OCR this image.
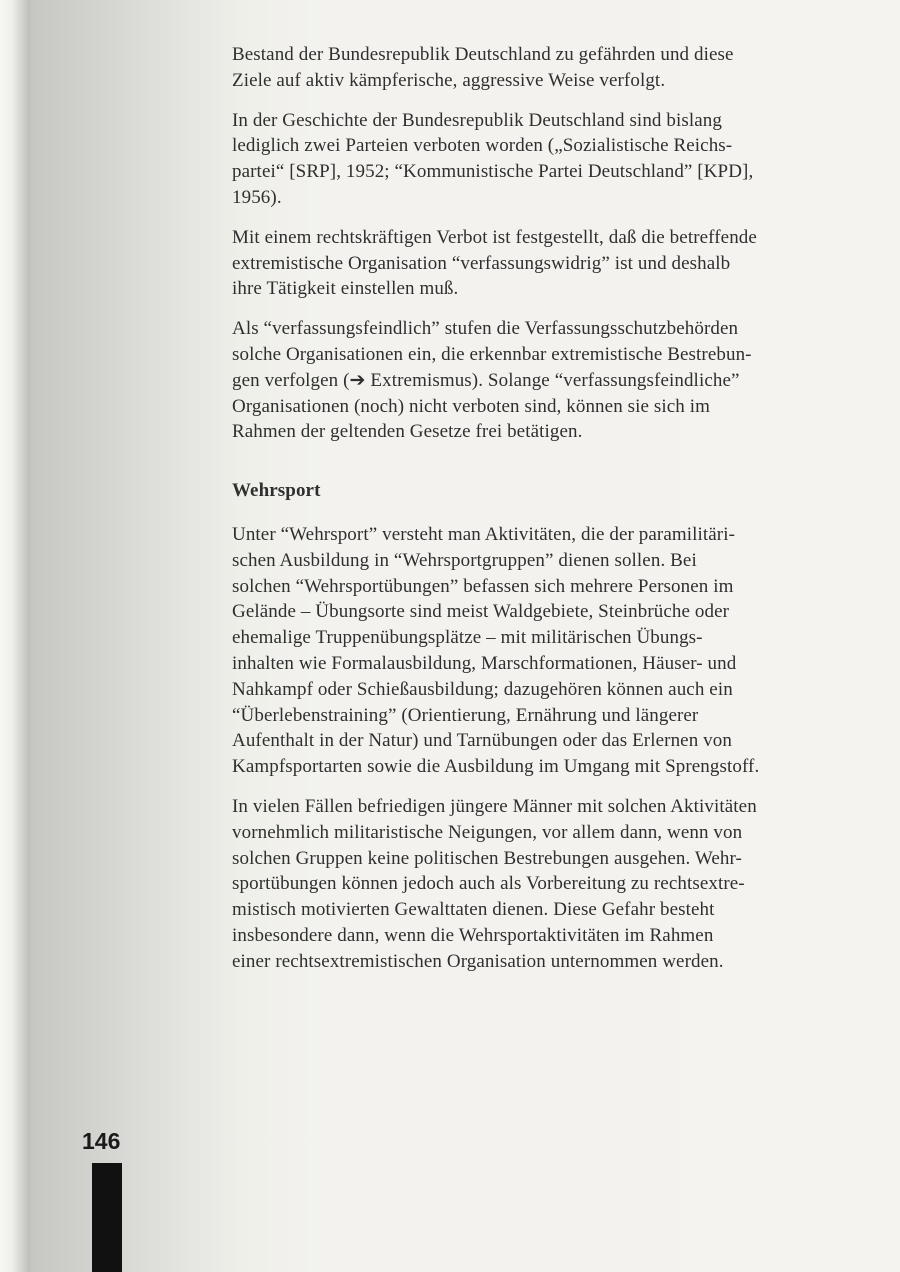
Bestand der Bundesrepublik Deutschland zu gefährden und diese
Ziele auf aktiv kämpferische, aggressive Weise verfolgt.

In der Geschichte der Bundesrepublik Deutschland sind bislang
lediglich zwei Parteien verboten worden („Sozialistische Reichs-
partei“ [SRP], 1952; “Kommunistische Partei Deutschland” [KPD],
1956).

Mit einem rechtskräftigen Verbot ist festgestellt, daß die betreffende
extremistische Organisation “verfassungswidrig” ist und deshalb
ihre Tätigkeit einstellen muß.

Als “verfassungsfeindlich” stufen die Verfassungsschutzbehörden
solche Organisationen ein, die erkennbar extremistische Bestrebun-
gen verfolgen (➔ Extremismus). Solange “verfassungsfeindliche”
Organisationen (noch) nicht verboten sind, können sie sich im
Rahmen der geltenden Gesetze frei betätigen.

Wehrsport

Unter “Wehrsport” versteht man Aktivitäten, die der paramilitäri-
schen Ausbildung in “Wehrsportgruppen” dienen sollen. Bei
solchen “Wehrsportübungen” befassen sich mehrere Personen im
Gelände – Übungsorte sind meist Waldgebiete, Steinbrüche oder
ehemalige Truppenübungsplätze – mit militärischen Übungs-
inhalten wie Formalausbildung, Marschformationen, Häuser- und
Nahkampf oder Schießausbildung; dazugehören können auch ein
“Überlebenstraining” (Orientierung, Ernährung und längerer
Aufenthalt in der Natur) und Tarnübungen oder das Erlernen von
Kampfsportarten sowie die Ausbildung im Umgang mit Sprengstoff.

In vielen Fällen befriedigen jüngere Männer mit solchen Aktivitäten
vornehmlich militaristische Neigungen, vor allem dann, wenn von
solchen Gruppen keine politischen Bestrebungen ausgehen. Wehr-
sportübungen können jedoch auch als Vorbereitung zu rechtsextre-
mistisch motivierten Gewalttaten dienen. Diese Gefahr besteht
insbesondere dann, wenn die Wehrsportaktivitäten im Rahmen
einer rechtsextremistischen Organisation unternommen werden.

146
